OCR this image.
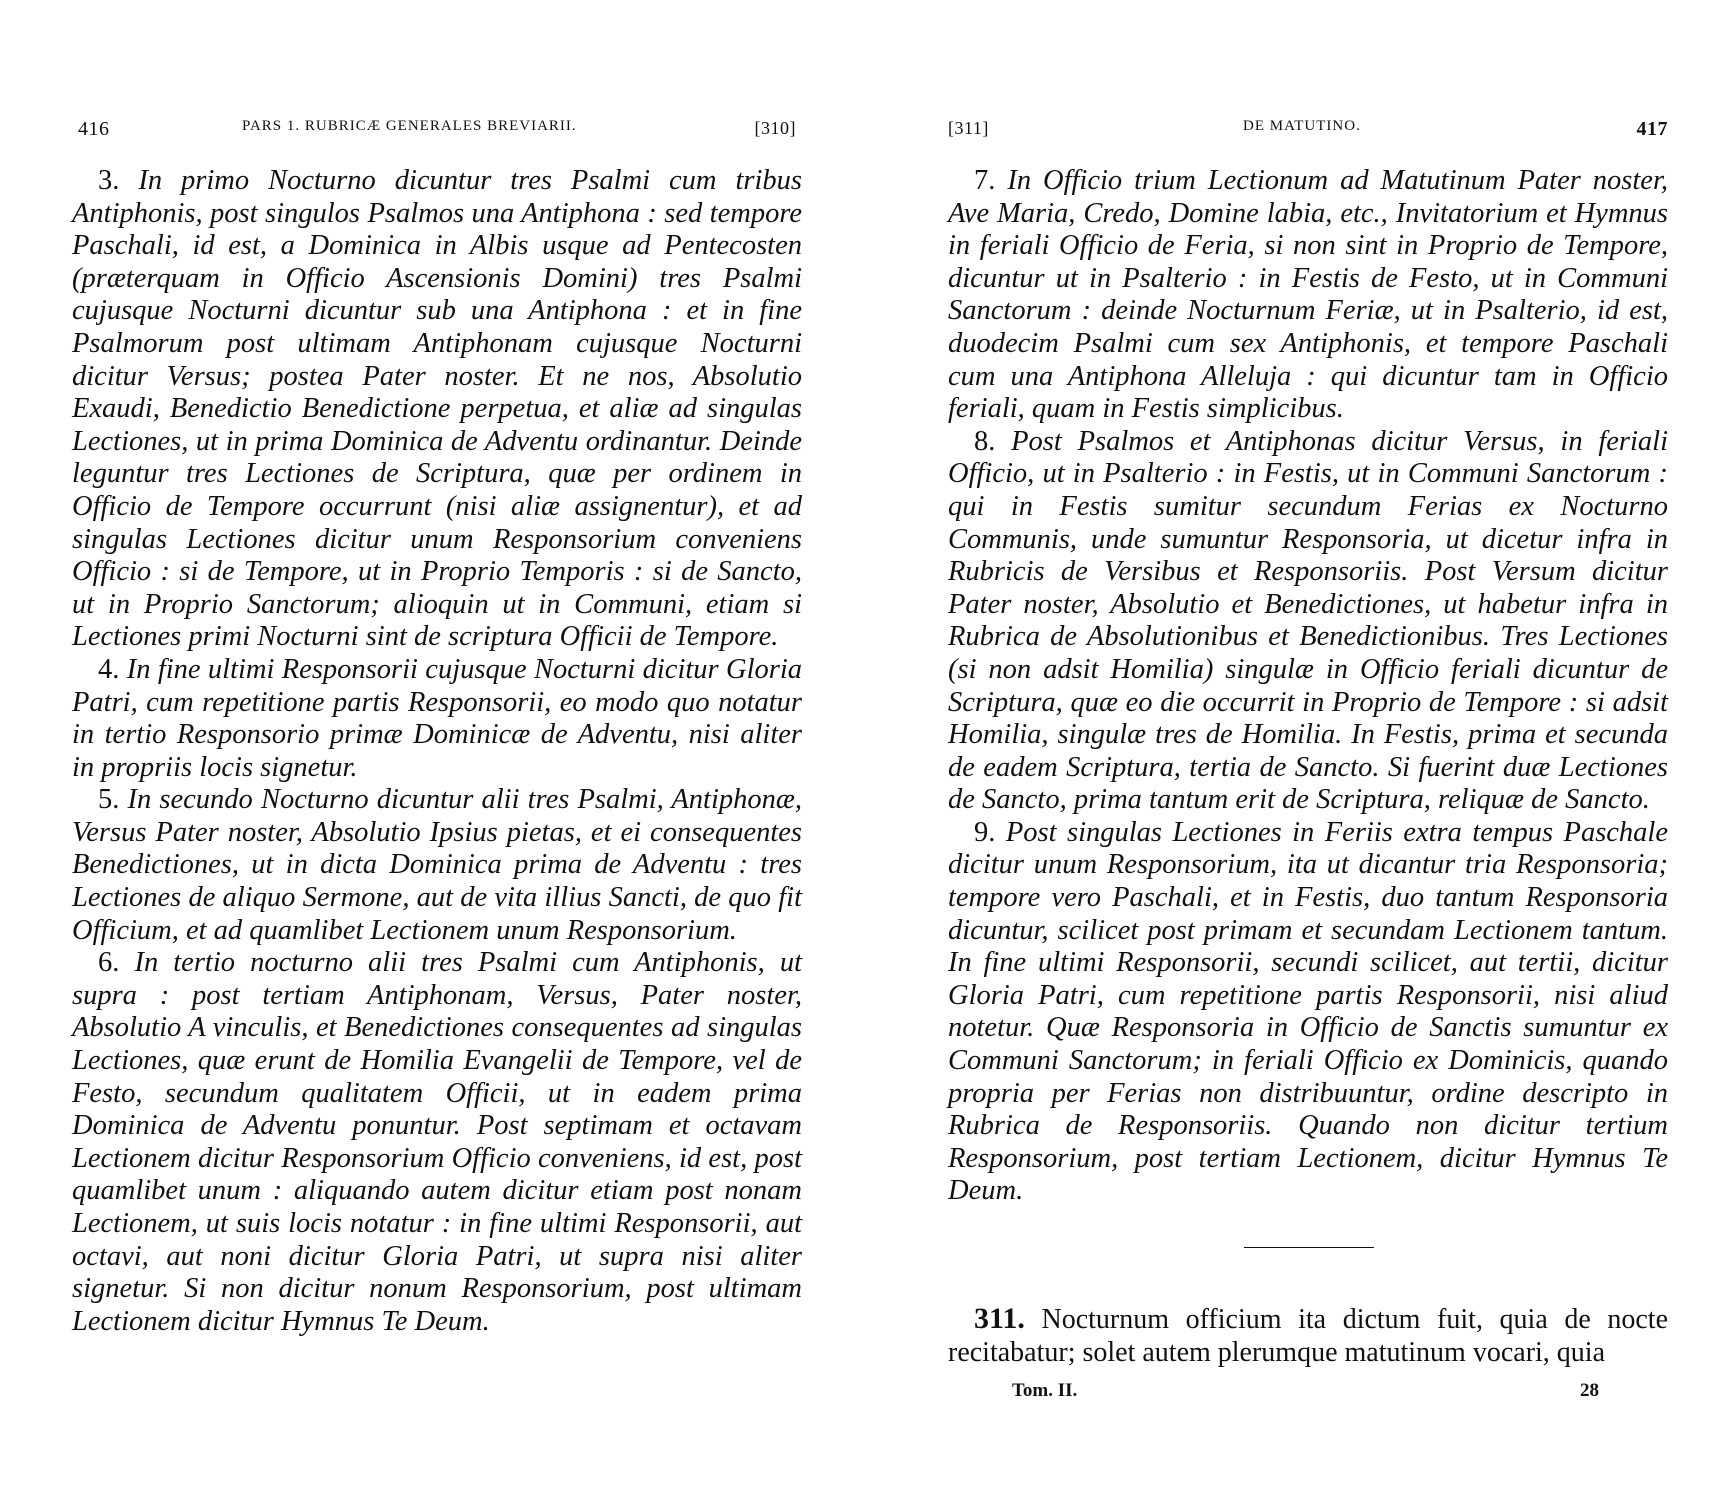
416	PARS 1. RUBRICÆ GENERALES BREVIARII.	[310]

3. In primo Nocturno dicuntur tres Psalmi cum tribus Antiphonis, post singulos Psalmos una Antiphona : sed tempore Paschali, id est, a Dominica in Albis usque ad Pentecosten (præterquam in Officio Ascensionis Domini) tres Psalmi cujusque Nocturni dicuntur sub una Antiphona : et in fine Psalmorum post ultimam Antiphonam cujusque Nocturni dicitur Versus; postea Pater noster. Et ne nos, Absolutio Exaudi, Benedictio Benedictione perpetua, et aliæ ad singulas Lectiones, ut in prima Dominica de Adventu ordinantur. Deinde leguntur tres Lectiones de Scriptura, quæ per ordinem in Officio de Tempore occurrunt (nisi aliæ assignentur), et ad singulas Lectiones dicitur unum Responsorium conveniens Officio : si de Tempore, ut in Proprio Temporis : si de Sancto, ut in Proprio Sanctorum; alioquin ut in Communi, etiam si Lectiones primi Nocturni sint de scriptura Officii de Tempore.

4. In fine ultimi Responsorii cujusque Nocturni dicitur Gloria Patri, cum repetitione partis Responsorii, eo modo quo notatur in tertio Responsorio primæ Dominicæ de Adventu, nisi aliter in propriis locis signetur.

5. In secundo Nocturno dicuntur alii tres Psalmi, Antiphonæ, Versus Pater noster, Absolutio Ipsius pietas, et ei consequentes Benedictiones, ut in dicta Dominica prima de Adventu : tres Lectiones de aliquo Sermone, aut de vita illius Sancti, de quo fit Officium, et ad quamlibet Lectionem unum Responsorium.

6. In tertio nocturno alii tres Psalmi cum Antiphonis, ut supra : post tertiam Antiphonam, Versus, Pater noster, Absolutio A vinculis, et Benedictiones consequentes ad singulas Lectiones, quæ erunt de Homilia Evangelii de Tempore, vel de Festo, secundum qualitatem Officii, ut in eadem prima Dominica de Adventu ponuntur. Post septimam et octavam Lectionem dicitur Responsorium Officio conveniens, id est, post quamlibet unum : aliquando autem dicitur etiam post nonam Lectionem, ut suis locis notatur : in fine ultimi Responsorii, aut octavi, aut noni dicitur Gloria Patri, ut supra nisi aliter signetur. Si non dicitur nonum Responsorium, post ultimam Lectionem dicitur Hymnus Te Deum.

[311]	DE MATUTINO.	417

7. In Officio trium Lectionum ad Matutinum Pater noster, Ave Maria, Credo, Domine labia, etc., Invitatorium et Hymnus in feriali Officio de Feria, si non sint in Proprio de Tempore, dicuntur ut in Psalterio : in Festis de Festo, ut in Communi Sanctorum : deinde Nocturnum Feriæ, ut in Psalterio, id est, duodecim Psalmi cum sex Antiphonis, et tempore Paschali cum una Antiphona Alleluja : qui dicuntur tam in Officio feriali, quam in Festis simplicibus.

8. Post Psalmos et Antiphonas dicitur Versus, in feriali Officio, ut in Psalterio : in Festis, ut in Communi Sanctorum : qui in Festis sumitur secundum Ferias ex Nocturno Communis, unde sumuntur Responsoria, ut dicetur infra in Rubricis de Versibus et Responsoriis. Post Versum dicitur Pater noster, Absolutio et Benedictiones, ut habetur infra in Rubrica de Absolutionibus et Benedictionibus. Tres Lectiones (si non adsit Homilia) singulæ in Officio feriali dicuntur de Scriptura, quæ eo die occurrit in Proprio de Tempore : si adsit Homilia, singulæ tres de Homilia. In Festis, prima et secunda de eadem Scriptura, tertia de Sancto. Si fuerint duæ Lectiones de Sancto, prima tantum erit de Scriptura, reliquæ de Sancto.

9. Post singulas Lectiones in Feriis extra tempus Paschale dicitur unum Responsorium, ita ut dicantur tria Responsoria; tempore vero Paschali, et in Festis, duo tantum Responsoria dicuntur, scilicet post primam et secundam Lectionem tantum. In fine ultimi Responsorii, secundi scilicet, aut tertii, dicitur Gloria Patri, cum repetitione partis Responsorii, nisi aliud notetur. Quæ Responsoria in Officio de Sanctis sumuntur ex Communi Sanctorum; in feriali Officio ex Dominicis, quando propria per Ferias non distribuuntur, ordine descripto in Rubrica de Responsoriis. Quando non dicitur tertium Responsorium, post tertiam Lectionem, dicitur Hymnus Te Deum.

311. Nocturnum officium ita dictum fuit, quia de nocte recitabatur; solet autem plerumque matutinum vocari, quia

Tom. II.	28
